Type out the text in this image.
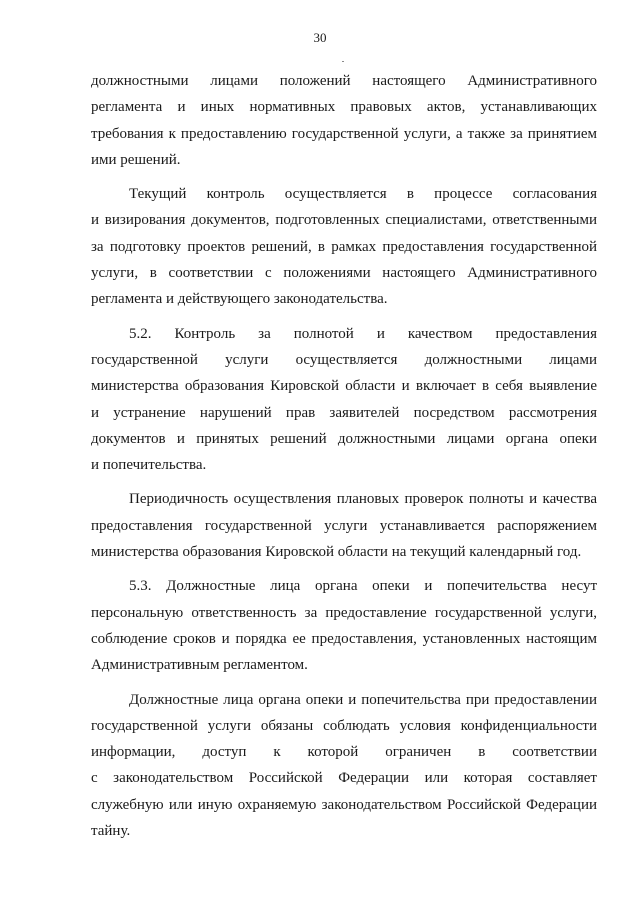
30
должностными лицами положений настоящего Административного
регламента и иных нормативных правовых актов, устанавливающих
требования к предоставлению государственной услуги, а также за принятием
ими решений.
Текущий контроль осуществляется в процессе согласования
и визирования документов, подготовленных специалистами, ответственными
за подготовку проектов решений, в рамках предоставления государственной
услуги, в соответствии с положениями настоящего Административного
регламента и действующего законодательства.
5.2. Контроль за полнотой и качеством предоставления
государственной услуги осуществляется должностными лицами
министерства образования Кировской области и включает в себя выявление
и устранение нарушений прав заявителей посредством рассмотрения
документов и принятых решений должностными лицами органа опеки
и попечительства.
Периодичность осуществления плановых проверок полноты и качества
предоставления государственной услуги устанавливается распоряжением
министерства образования Кировской области на текущий календарный год.
5.3. Должностные лица органа опеки и попечительства несут
персональную ответственность за предоставление государственной услуги,
соблюдение сроков и порядка ее предоставления, установленных настоящим
Административным регламентом.
Должностные лица органа опеки и попечительства при предоставлении
государственной услуги обязаны соблюдать условия конфиденциальности
информации, доступ к которой ограничен в соответствии
с законодательством Российской Федерации или которая составляет
служебную или иную охраняемую законодательством Российской Федерации
тайну.
